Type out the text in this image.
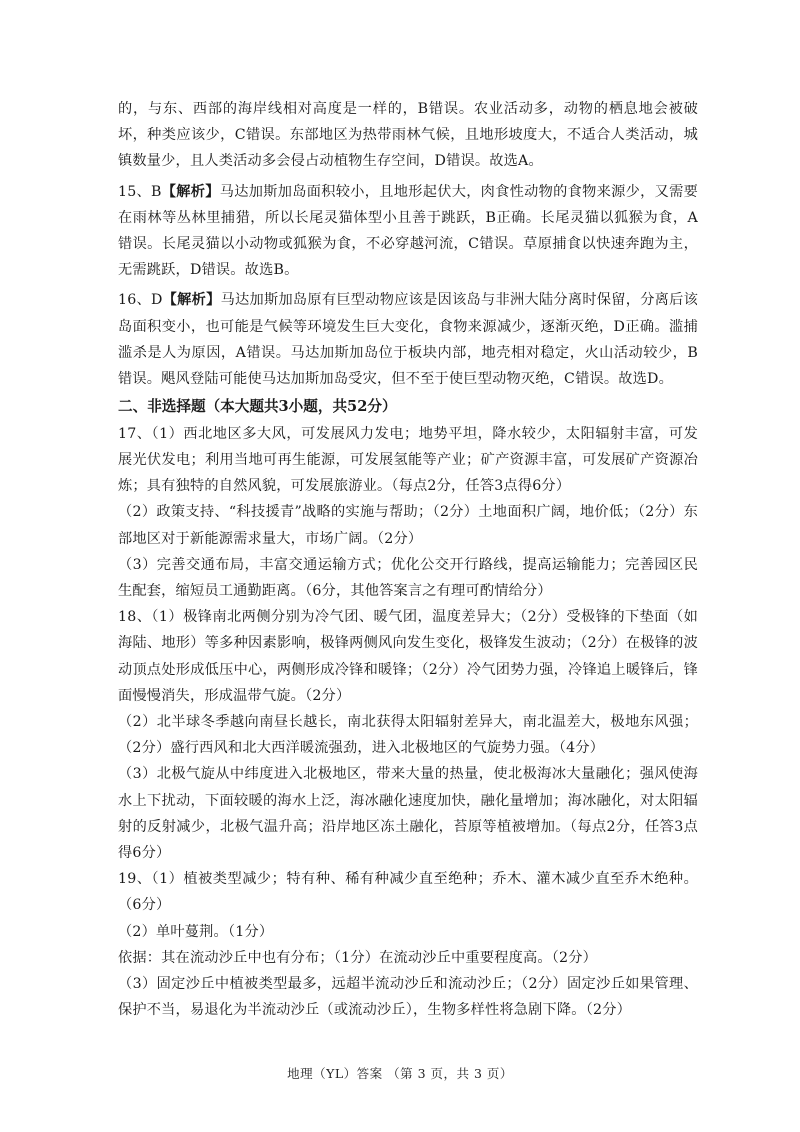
的，与东、西部的海岸线相对高度是一样的，B错误。农业活动多，动物的栖息地会被破坏，种类应该少，C错误。东部地区为热带雨林气候，且地形坡度大，不适合人类活动，城镇数量少，且人类活动多会侵占动植物生存空间，D错误。故选A。

15、B【解析】马达加斯加岛面积较小，且地形起伏大，肉食性动物的食物来源少，又需要在雨林等丛林里捕猎，所以长尾灵猫体型小且善于跳跃，B正确。长尾灵猫以狐猴为食，A错误。长尾灵猫以小动物或狐猴为食，不必穿越河流，C错误。草原捕食以快速奔跑为主，无需跳跃，D错误。故选B。

16、D【解析】马达加斯加岛原有巨型动物应该是因该岛与非洲大陆分离时保留，分离后该岛面积变小，也可能是气候等环境发生巨大变化，食物来源减少，逐渐灭绝，D正确。滥捕滥杀是人为原因，A错误。马达加斯加岛位于板块内部，地壳相对稳定，火山活动较少，B错误。飓风登陆可能使马达加斯加岛受灾，但不至于使巨型动物灭绝，C错误。故选D。

二、非选择题（本大题共3小题，共52分）

17、（1）西北地区多大风，可发展风力发电；地势平坦，降水较少，太阳辐射丰富，可发展光伏发电；利用当地可再生能源，可发展氢能等产业；矿产资源丰富，可发展矿产资源冶炼；具有独特的自然风貌，可发展旅游业。（每点2分，任答3点得6分）

（2）政策支持、“科技援青”战略的实施与帮助；（2分）土地面积广阔，地价低；（2分）东部地区对于新能源需求量大，市场广阔。（2分）

（3）完善交通布局，丰富交通运输方式；优化公交开行路线，提高运输能力；完善园区民生配套，缩短员工通勤距离。（6分，其他答案言之有理可酌情给分）

18、（1）极锋南北两侧分别为冷气团、暖气团，温度差异大；（2分）受极锋的下垫面（如海陆、地形）等多种因素影响，极锋两侧风向发生变化，极锋发生波动；（2分）在极锋的波动顶点处形成低压中心，两侧形成冷锋和暖锋；（2分）冷气团势力强，冷锋追上暖锋后，锋面慢慢消失，形成温带气旋。（2分）

（2）北半球冬季越向南昼长越长，南北获得太阳辐射差异大，南北温差大，极地东风强；（2分）盛行西风和北大西洋暖流强劲，进入北极地区的气旋势力强。（4分）

（3）北极气旋从中纬度进入北极地区，带来大量的热量，使北极海冰大量融化；强风使海水上下扰动，下面较暖的海水上泛，海冰融化速度加快，融化量增加；海冰融化，对太阳辐射的反射减少，北极气温升高；沿岸地区冻土融化，苔原等植被增加。（每点2分，任答3点得6分）

19、（1）植被类型减少；特有种、稀有种减少直至绝种；乔木、灌木减少直至乔木绝种。（6分）

（2）单叶蔓荆。（1分）

依据：其在流动沙丘中也有分布；（1分）在流动沙丘中重要程度高。（2分）

（3）固定沙丘中植被类型最多，远超半流动沙丘和流动沙丘；（2分）固定沙丘如果管理、保护不当，易退化为半流动沙丘（或流动沙丘），生物多样性将急剧下降。（2分）

地理（YL）答案 （第 3 页，共 3 页）
